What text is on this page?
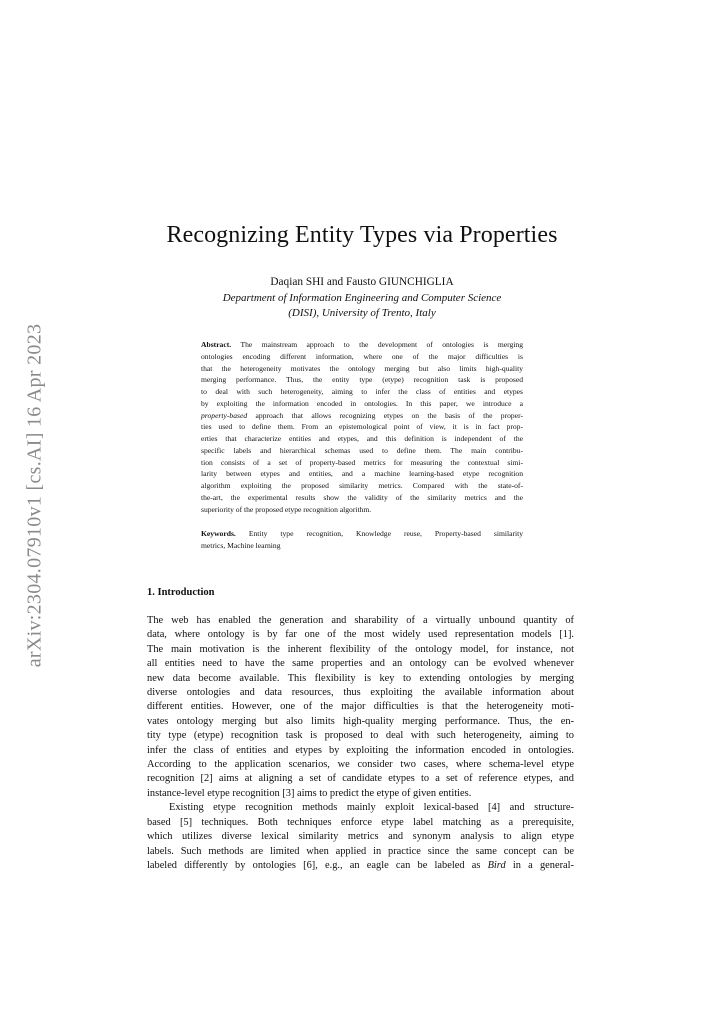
arXiv:2304.07910v1 [cs.AI] 16 Apr 2023
Recognizing Entity Types via Properties
Daqian SHI and Fausto GIUNCHIGLIA
Department of Information Engineering and Computer Science
(DISI), University of Trento, Italy
Abstract. The mainstream approach to the development of ontologies is merging
ontologies encoding different information, where one of the major difficulties is
that the heterogeneity motivates the ontology merging but also limits high-quality
merging performance. Thus, the entity type (etype) recognition task is proposed
to deal with such heterogeneity, aiming to infer the class of entities and etypes
by exploiting the information encoded in ontologies. In this paper, we introduce a
property-based approach that allows recognizing etypes on the basis of the proper-
ties used to define them. From an epistemological point of view, it is in fact prop-
erties that characterize entities and etypes, and this definition is independent of the
specific labels and hierarchical schemas used to define them. The main contribu-
tion consists of a set of property-based metrics for measuring the contextual simi-
larity between etypes and entities, and a machine learning-based etype recognition
algorithm exploiting the proposed similarity metrics. Compared with the state-of-
the-art, the experimental results show the validity of the similarity metrics and the
superiority of the proposed etype recognition algorithm.
Keywords. Entity type recognition, Knowledge reuse, Property-based similarity
metrics, Machine learning
1. Introduction
The web has enabled the generation and sharability of a virtually unbound quantity of
data, where ontology is by far one of the most widely used representation models [1].
The main motivation is the inherent flexibility of the ontology model, for instance, not
all entities need to have the same properties and an ontology can be evolved whenever
new data become available. This flexibility is key to extending ontologies by merging
diverse ontologies and data resources, thus exploiting the available information about
different entities. However, one of the major difficulties is that the heterogeneity moti-
vates ontology merging but also limits high-quality merging performance. Thus, the en-
tity type (etype) recognition task is proposed to deal with such heterogeneity, aiming to
infer the class of entities and etypes by exploiting the information encoded in ontologies.
According to the application scenarios, we consider two cases, where schema-level etype
recognition [2] aims at aligning a set of candidate etypes to a set of reference etypes, and
instance-level etype recognition [3] aims to predict the etype of given entities.
Existing etype recognition methods mainly exploit lexical-based [4] and structure-
based [5] techniques. Both techniques enforce etype label matching as a prerequisite,
which utilizes diverse lexical similarity metrics and synonym analysis to align etype
labels. Such methods are limited when applied in practice since the same concept can be
labeled differently by ontologies [6], e.g., an eagle can be labeled as Bird in a general-
